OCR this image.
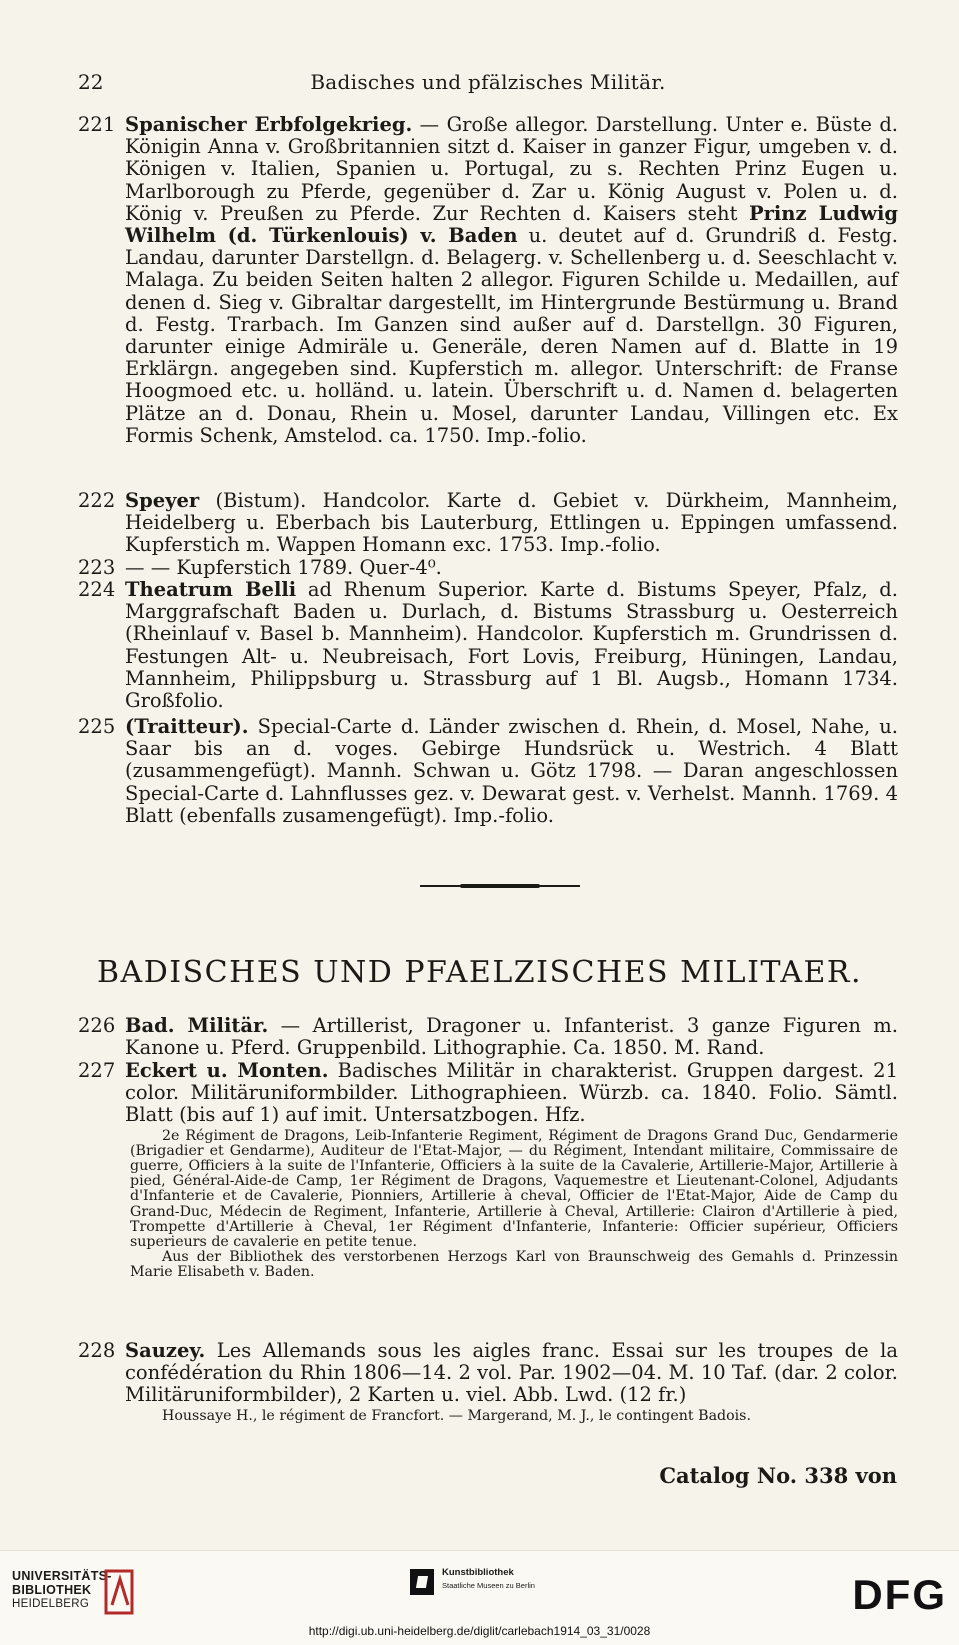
22	Badisches und pfälzisches Militär.
221 Spanischer Erbfolgekrieg. — Große allegor. Darstellung. Unter e. Büste d. Königin Anna v. Großbritannien sitzt d. Kaiser in ganzer Figur, umgeben v. d. Königen v. Italien, Spanien u. Portugal, zu s. Rechten Prinz Eugen u. Marlborough zu Pferde, gegenüber d. Zar u. König August v. Polen u. d. König v. Preußen zu Pferde. Zur Rechten d. Kaisers steht Prinz Ludwig Wilhelm (d. Türkenlouis) v. Baden u. deutet auf d. Grundriß d. Festg. Landau, darunter Darstellgn. d. Belagerg. v. Schellenberg u. d. Seeschlacht v. Malaga. Zu beiden Seiten halten 2 allegor. Figuren Schilde u. Medaillen, auf denen d. Sieg v. Gibraltar dargestellt, im Hintergrunde Bestürmung u. Brand d. Festg. Trarbach. Im Ganzen sind außer auf d. Darstellgn. 30 Figuren, darunter einige Admiräle u. Generäle, deren Namen auf d. Blatte in 19 Erklärgn. angegeben sind. Kupferstich m. allegor. Unterschrift: de Franse Hoogmoed etc. u. holländ. u. latein. Überschrift u. d. Namen d. belagerten Plätze an d. Donau, Rhein u. Mosel, darunter Landau, Villingen etc. Ex Formis Schenk, Amstelod. ca. 1750. Imp.-folio.
222 Speyer (Bistum). Handcolor. Karte d. Gebiet v. Dürkheim, Mannheim, Heidelberg u. Eberbach bis Lauterburg, Ettlingen u. Eppingen umfassend. Kupferstich m. Wappen Homann exc. 1753. Imp.-folio.
223 — — Kupferstich 1789. Quer-4⁰.
224 Theatrum Belli ad Rhenum Superior. Karte d. Bistums Speyer, Pfalz, d. Marggrafschaft Baden u. Durlach, d. Bistums Strassburg u. Oesterreich (Rheinlauf v. Basel b. Mannheim). Handcolor. Kupferstich m. Grundrissen d. Festungen Alt- u. Neubreisach, Fort Lovis, Freiburg, Hüningen, Landau, Mannheim, Philippsburg u. Strassburg auf 1 Bl. Augsb., Homann 1734. Großfolio.
225 (Traitteur). Special-Carte d. Länder zwischen d. Rhein, d. Mosel, Nahe, u. Saar bis an d. voges. Gebirge Hundsrück u. Westrich. 4 Blatt (zusammengefügt). Mannh. Schwan u. Götz 1798. — Daran angeschlossen Special-Carte d. Lahnflusses gez. v. Dewarat gest. v. Verhelst. Mannh. 1769. 4 Blatt (ebenfalls zusamengefügt). Imp.-folio.
BADISCHES UND PFAELZISCHES MILITAER.
226 Bad. Militär. — Artillerist, Dragoner u. Infanterist. 3 ganze Figuren m. Kanone u. Pferd. Gruppenbild. Lithographie. Ca. 1850. M. Rand.
227 Eckert u. Monten. Badisches Militär in charakterist. Gruppen dargest. 21 color. Militäruniformbilder. Lithographieen. Würzb. ca. 1840. Folio. Sämtl. Blatt (bis auf 1) auf imit. Untersatzbogen. Hfz.
2e Régiment de Dragons, Leib-Infanterie Regiment, Régiment de Dragons Grand Duc, Gendarmerie (Brigadier et Gendarme), Auditeur de l'Etat-Major, — du Régiment, Intendant militaire, Commissaire de guerre, Officiers à la suite de l'Infanterie, Officiers à la suite de la Cavalerie, Artillerie-Major, Artillerie à pied, Général-Aide-de Camp, 1er Régiment de Dragons, Vaquemestre et Lieutenant-Colonel, Adjudants d'Infanterie et de Cavalerie, Pionniers, Artillerie à cheval, Officier de l'Etat-Major, Aide de Camp du Grand-Duc, Médecin de Regiment, Infanterie, Artillerie à Cheval, Artillerie: Clairon d'Artillerie à pied, Trompette d'Artillerie à Cheval, 1er Régiment d'Infanterie, Infanterie: Officier supérieur, Officiers superieurs de cavalerie en petite tenue.
Aus der Bibliothek des verstorbenen Herzogs Karl von Braunschweig des Gemahls d. Prinzessin Marie Elisabeth v. Baden.
228 Sauzey. Les Allemands sous les aigles franc. Essai sur les troupes de la confédération du Rhin 1806—14. 2 vol. Par. 1902—04. M. 10 Taf. (dar. 2 color. Militäruniformbilder), 2 Karten u. viel. Abb. Lwd. (12 fr.)
Houssaye H., le régiment de Francfort. — Margerand, M. J., le contingent Badois.
Catalog No. 338 von
UNIVERSITÄTS-
BIBLIOTHEK
HEIDELBERG
Kunstbibliothek
Staatliche Museen zu Berlin	DFG
http://digi.ub.uni-heidelberg.de/diglit/carlebach1914_03_31/0028
